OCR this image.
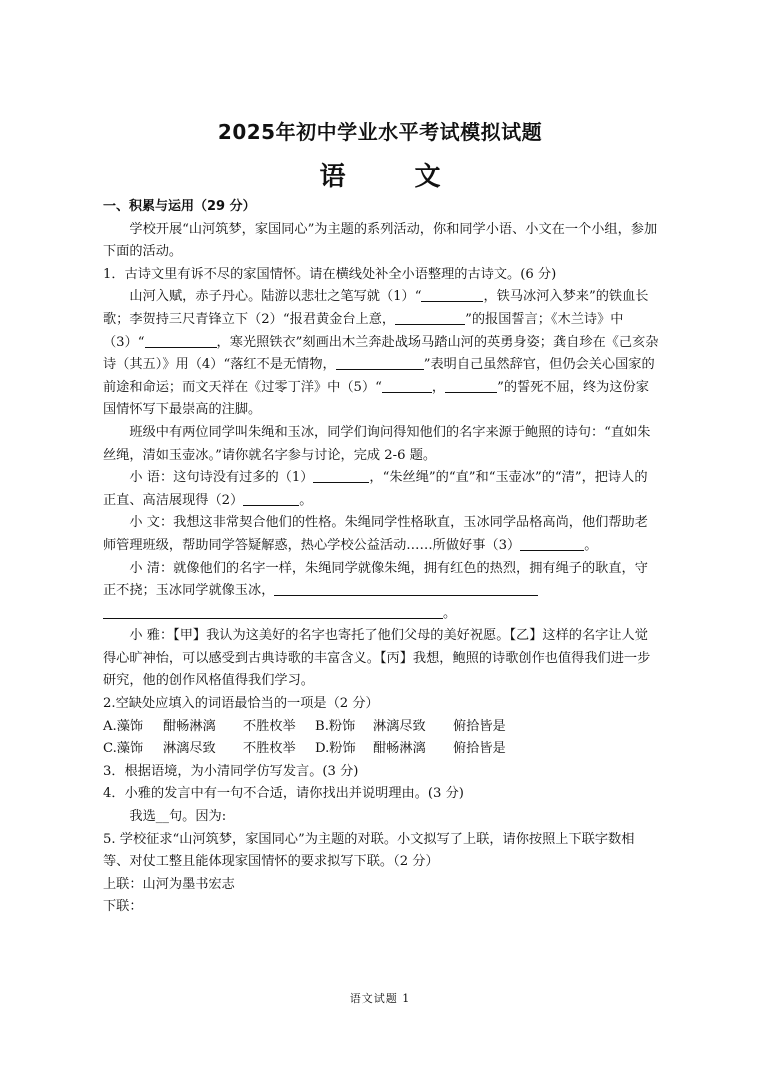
2025年初中学业水平考试模拟试题
语 文

一、积累与运用（29 分）

学校开展“山河筑梦，家国同心”为主题的系列活动，你和同学小语、小文在一个小组，参加下面的活动。

1．古诗文里有诉不尽的家国情怀。请在横线处补全小语整理的古诗文。(6 分)

山河入赋，赤子丹心。陆游以悲壮之笔写就（1）“	，铁马冰河入梦来”的铁血长歌；李贺持三尺青锋立下（2）“报君黄金台上意，	”的报国誓言；《木兰诗》中（3）“	，寒光照铁衣”刻画出木兰奔赴战场马踏山河的英勇身姿；龚自珍在《己亥杂诗（其五）》用（4）“落红不是无情物，	”表明自己虽然辞官，但仍会关心国家的前途和命运；而文天祥在《过零丁洋》中（5）“	，	”的誓死不屈，终为这份家国情怀写下最崇高的注脚。

班级中有两位同学叫朱绳和玉冰，同学们询问得知他们的名字来源于鲍照的诗句：“直如朱丝绳，清如玉壶冰。”请你就名字参与讨论，完成 2-6 题。

小 语：这句诗没有过多的（1）	，“朱丝绳”的“直”和“玉壶冰”的“清”，把诗人的正直、高洁展现得（2）	。

小 文：我想这非常契合他们的性格。朱绳同学性格耿直，玉冰同学品格高尚，他们帮助老师管理班级，帮助同学答疑解惑，热心学校公益活动……所做好事（3）	。

小 清：就像他们的名字一样，朱绳同学就像朱绳，拥有红色的热烈，拥有绳子的耿直，守正不挠；玉冰同学就像玉冰，
。

小 雅：【甲】我认为这美好的名字也寄托了他们父母的美好祝愿。【乙】这样的名字让人觉得心旷神怡，可以感受到古典诗歌的丰富含义。【丙】我想，鲍照的诗歌创作也值得我们进一步研究，他的创作风格值得我们学习。

2.空缺处应填入的词语最恰当的一项是（2 分）

A.藻饰	酣畅淋漓	不胜枚举	B.粉饰	淋漓尽致	俯拾皆是
C.藻饰	淋漓尽致	不胜枚举	D.粉饰	酣畅淋漓	俯拾皆是

3．根据语境，为小清同学仿写发言。(3 分)

4．小雅的发言中有一句不合适，请你找出并说明理由。(3 分)

我选__句。因为:

5. 学校征求“山河筑梦，家国同心”为主题的对联。小文拟写了上联，请你按照上下联字数相等、对仗工整且能体现家国情怀的要求拟写下联。（2 分）

上联：山河为墨书宏志

下联：

语文试题 1
